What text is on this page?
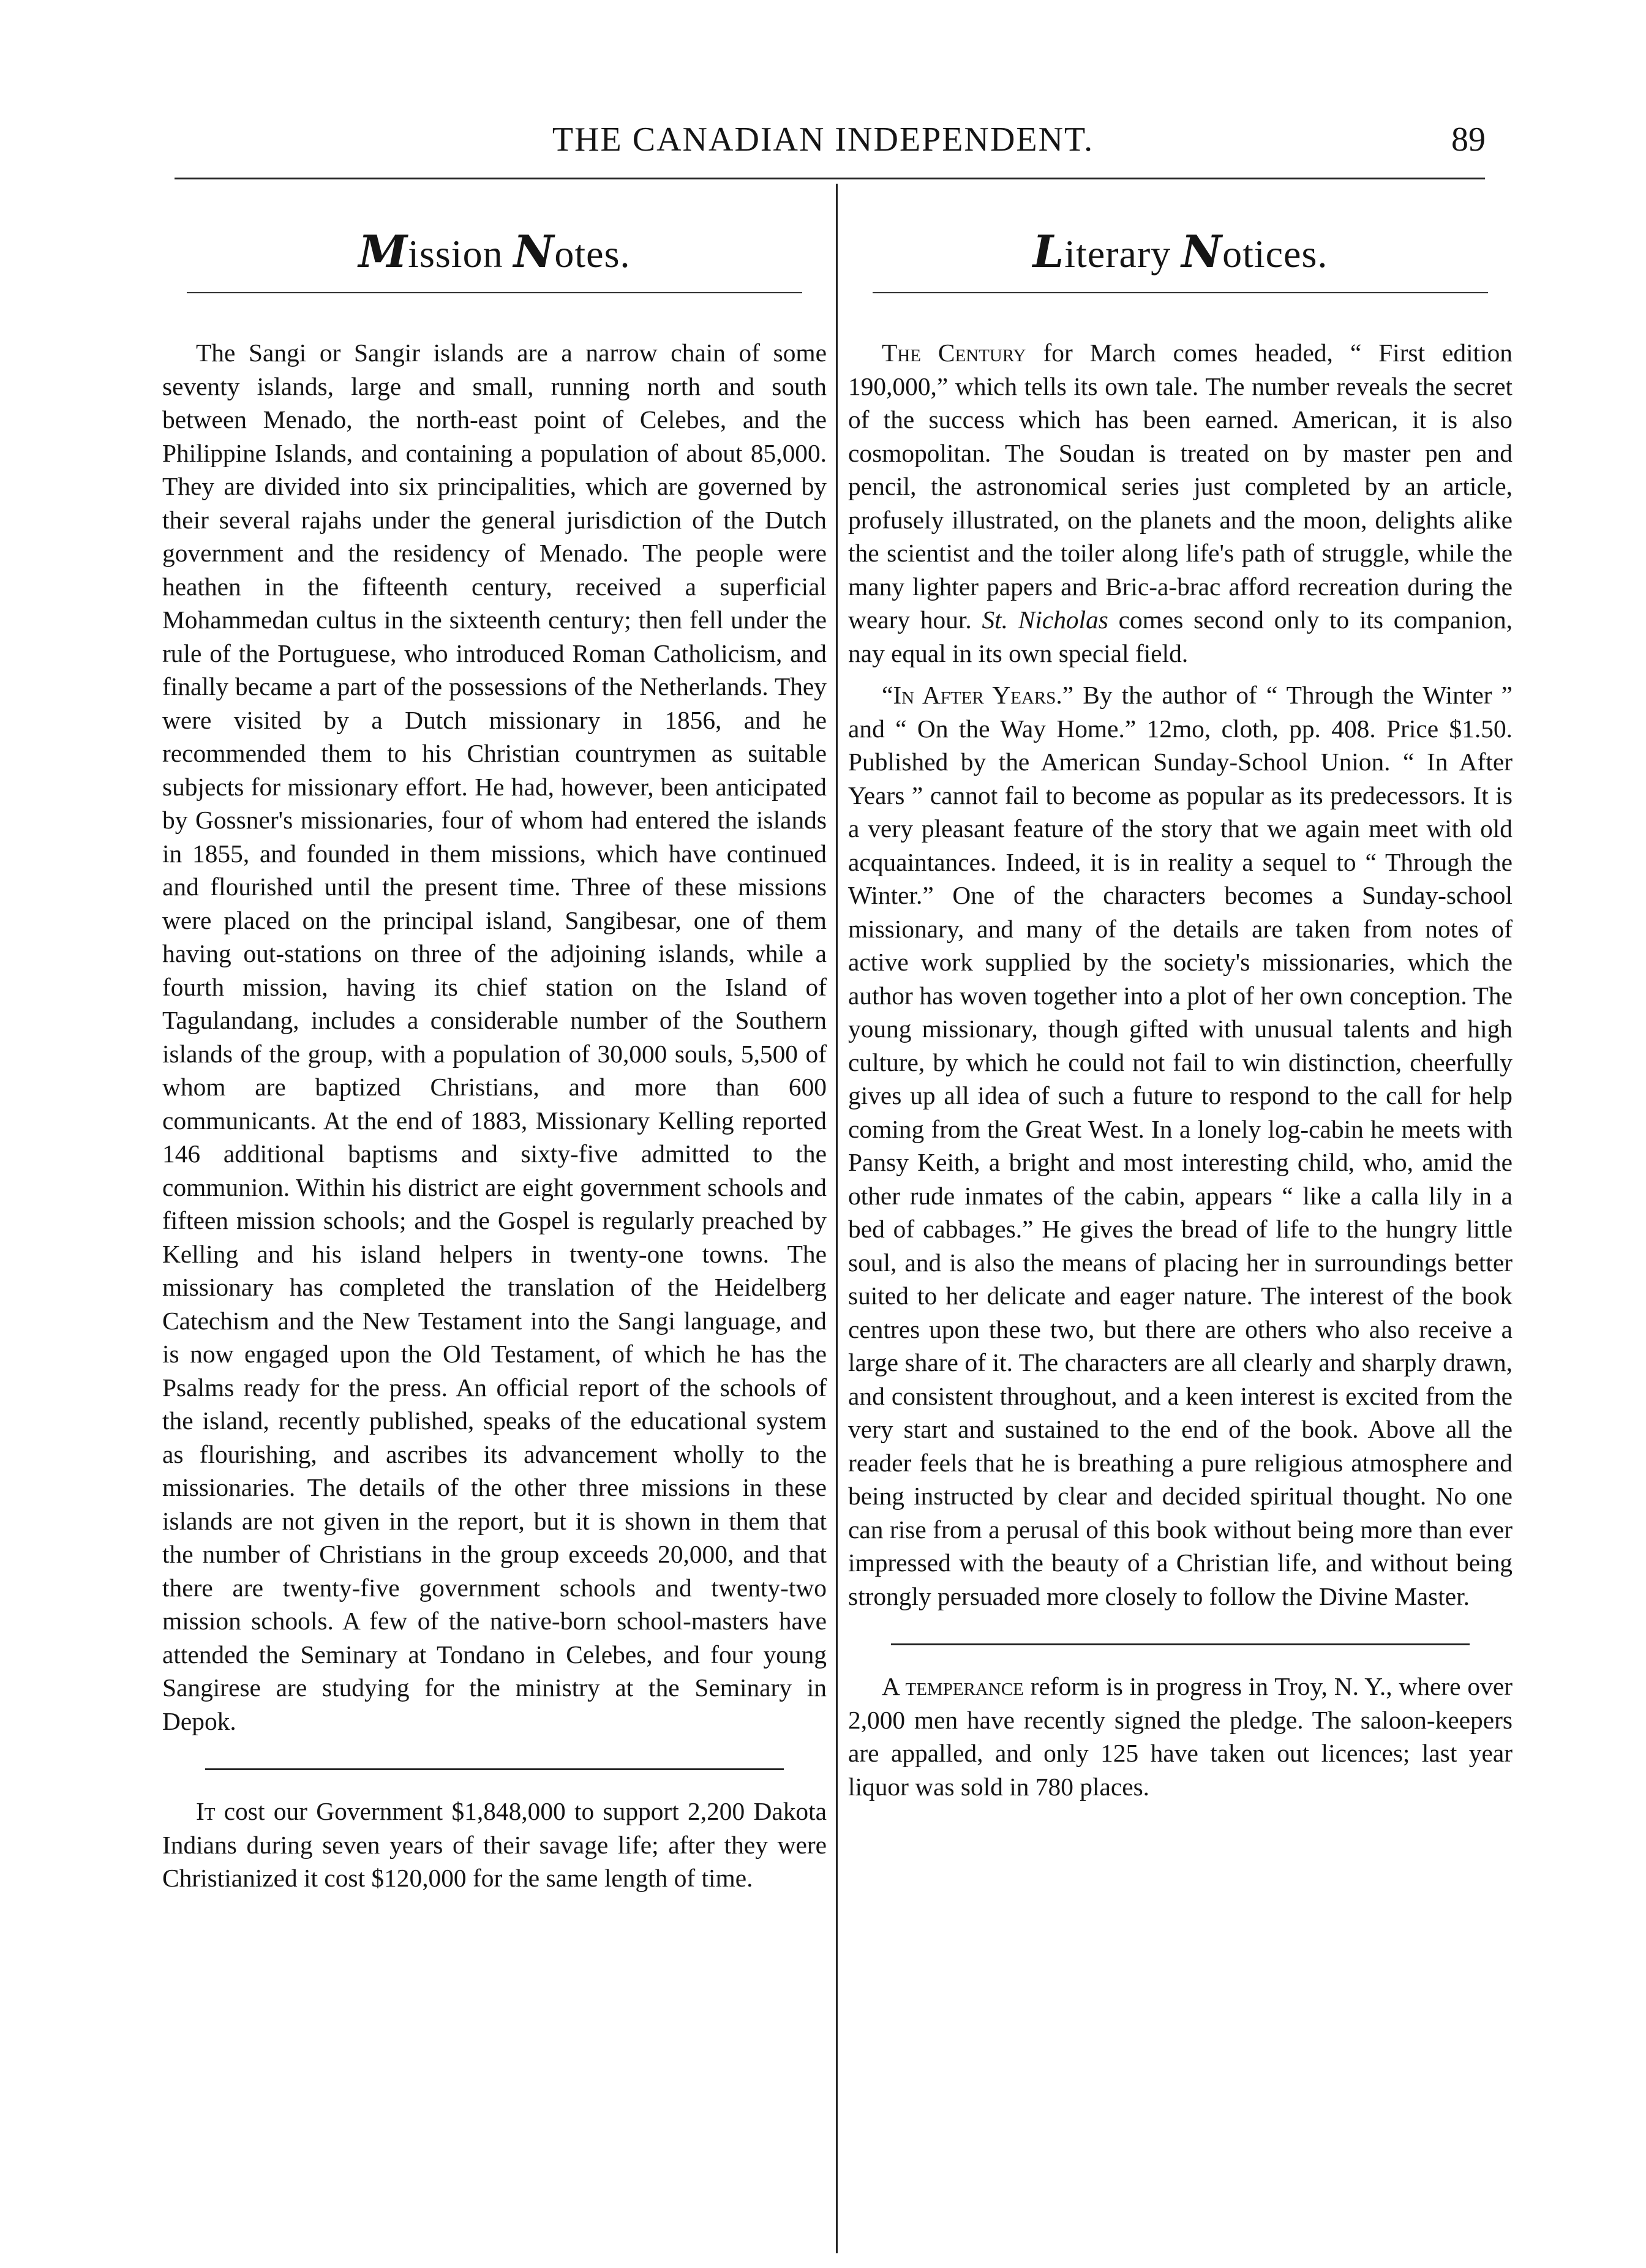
THE CANADIAN INDEPENDENT.	89
Mission Notes.

The Sangi or Sangir islands are a narrow chain of some seventy islands, large and small, running north and south between Menado, the north-east point of Celebes, and the Philippine Islands, and containing a population of about 85,000. They are divided into six principalities, which are governed by their several rajahs under the general jurisdiction of the Dutch government and the residency of Menado. The people were heathen in the fifteenth century, received a superficial Mohammedan cultus in the sixteenth century; then fell under the rule of the Portuguese, who introduced Roman Catholicism, and finally became a part of the possessions of the Netherlands. They were visited by a Dutch missionary in 1856, and he recommended them to his Christian countrymen as suitable subjects for missionary effort. He had, however, been anticipated by Gossner's missionaries, four of whom had entered the islands in 1855, and founded in them missions, which have continued and flourished until the present time. Three of these missions were placed on the principal island, Sangibesar, one of them having out-stations on three of the adjoining islands, while a fourth mission, having its chief station on the Island of Tagulandang, includes a considerable number of the Southern islands of the group, with a population of 30,000 souls, 5,500 of whom are baptized Christians, and more than 600 communicants. At the end of 1883, Missionary Kelling reported 146 additional baptisms and sixty-five admitted to the communion. Within his district are eight government schools and fifteen mission schools; and the Gospel is regularly preached by Kelling and his island helpers in twenty-one towns. The missionary has completed the translation of the Heidelberg Catechism and the New Testament into the Sangi language, and is now engaged upon the Old Testament, of which he has the Psalms ready for the press. An official report of the schools of the island, recently published, speaks of the educational system as flourishing, and ascribes its advancement wholly to the missionaries. The details of the other three missions in these islands are not given in the report, but it is shown in them that the number of Christians in the group exceeds 20,000, and that there are twenty-five government schools and twenty-two mission schools. A few of the native-born school-masters have attended the Seminary at Tondano in Celebes, and four young Sangirese are studying for the ministry at the Seminary in Depok.

It cost our Government $1,848,000 to support 2,200 Dakota Indians during seven years of their savage life; after they were Christianized it cost $120,000 for the same length of time.

Literary Notices.

The Century for March comes headed, “ First edition 190,000,” which tells its own tale. The number reveals the secret of the success which has been earned. American, it is also cosmopolitan. The Soudan is treated on by master pen and pencil, the astronomical series just completed by an article, profusely illustrated, on the planets and the moon, delights alike the scientist and the toiler along life's path of struggle, while the many lighter papers and Bric-a-brac afford recreation during the weary hour. St. Nicholas comes second only to its companion, nay equal in its own special field.

“In After Years.” By the author of “ Through the Winter ” and “ On the Way Home.” 12mo, cloth, pp. 408. Price $1.50. Published by the American Sunday-School Union. “ In After Years ” cannot fail to become as popular as its predecessors. It is a very pleasant feature of the story that we again meet with old acquaintances. Indeed, it is in reality a sequel to “ Through the Winter.” One of the characters becomes a Sunday-school missionary, and many of the details are taken from notes of active work supplied by the society's missionaries, which the author has woven together into a plot of her own conception. The young missionary, though gifted with unusual talents and high culture, by which he could not fail to win distinction, cheerfully gives up all idea of such a future to respond to the call for help coming from the Great West. In a lonely log-cabin he meets with Pansy Keith, a bright and most interesting child, who, amid the other rude inmates of the cabin, appears “ like a calla lily in a bed of cabbages.” He gives the bread of life to the hungry little soul, and is also the means of placing her in surroundings better suited to her delicate and eager nature. The interest of the book centres upon these two, but there are others who also receive a large share of it. The characters are all clearly and sharply drawn, and consistent throughout, and a keen interest is excited from the very start and sustained to the end of the book. Above all the reader feels that he is breathing a pure religious atmosphere and being instructed by clear and decided spiritual thought. No one can rise from a perusal of this book without being more than ever impressed with the beauty of a Christian life, and without being strongly persuaded more closely to follow the Divine Master.

A temperance reform is in progress in Troy, N. Y., where over 2,000 men have recently signed the pledge. The saloon-keepers are appalled, and only 125 have taken out licences; last year liquor was sold in 780 places.
